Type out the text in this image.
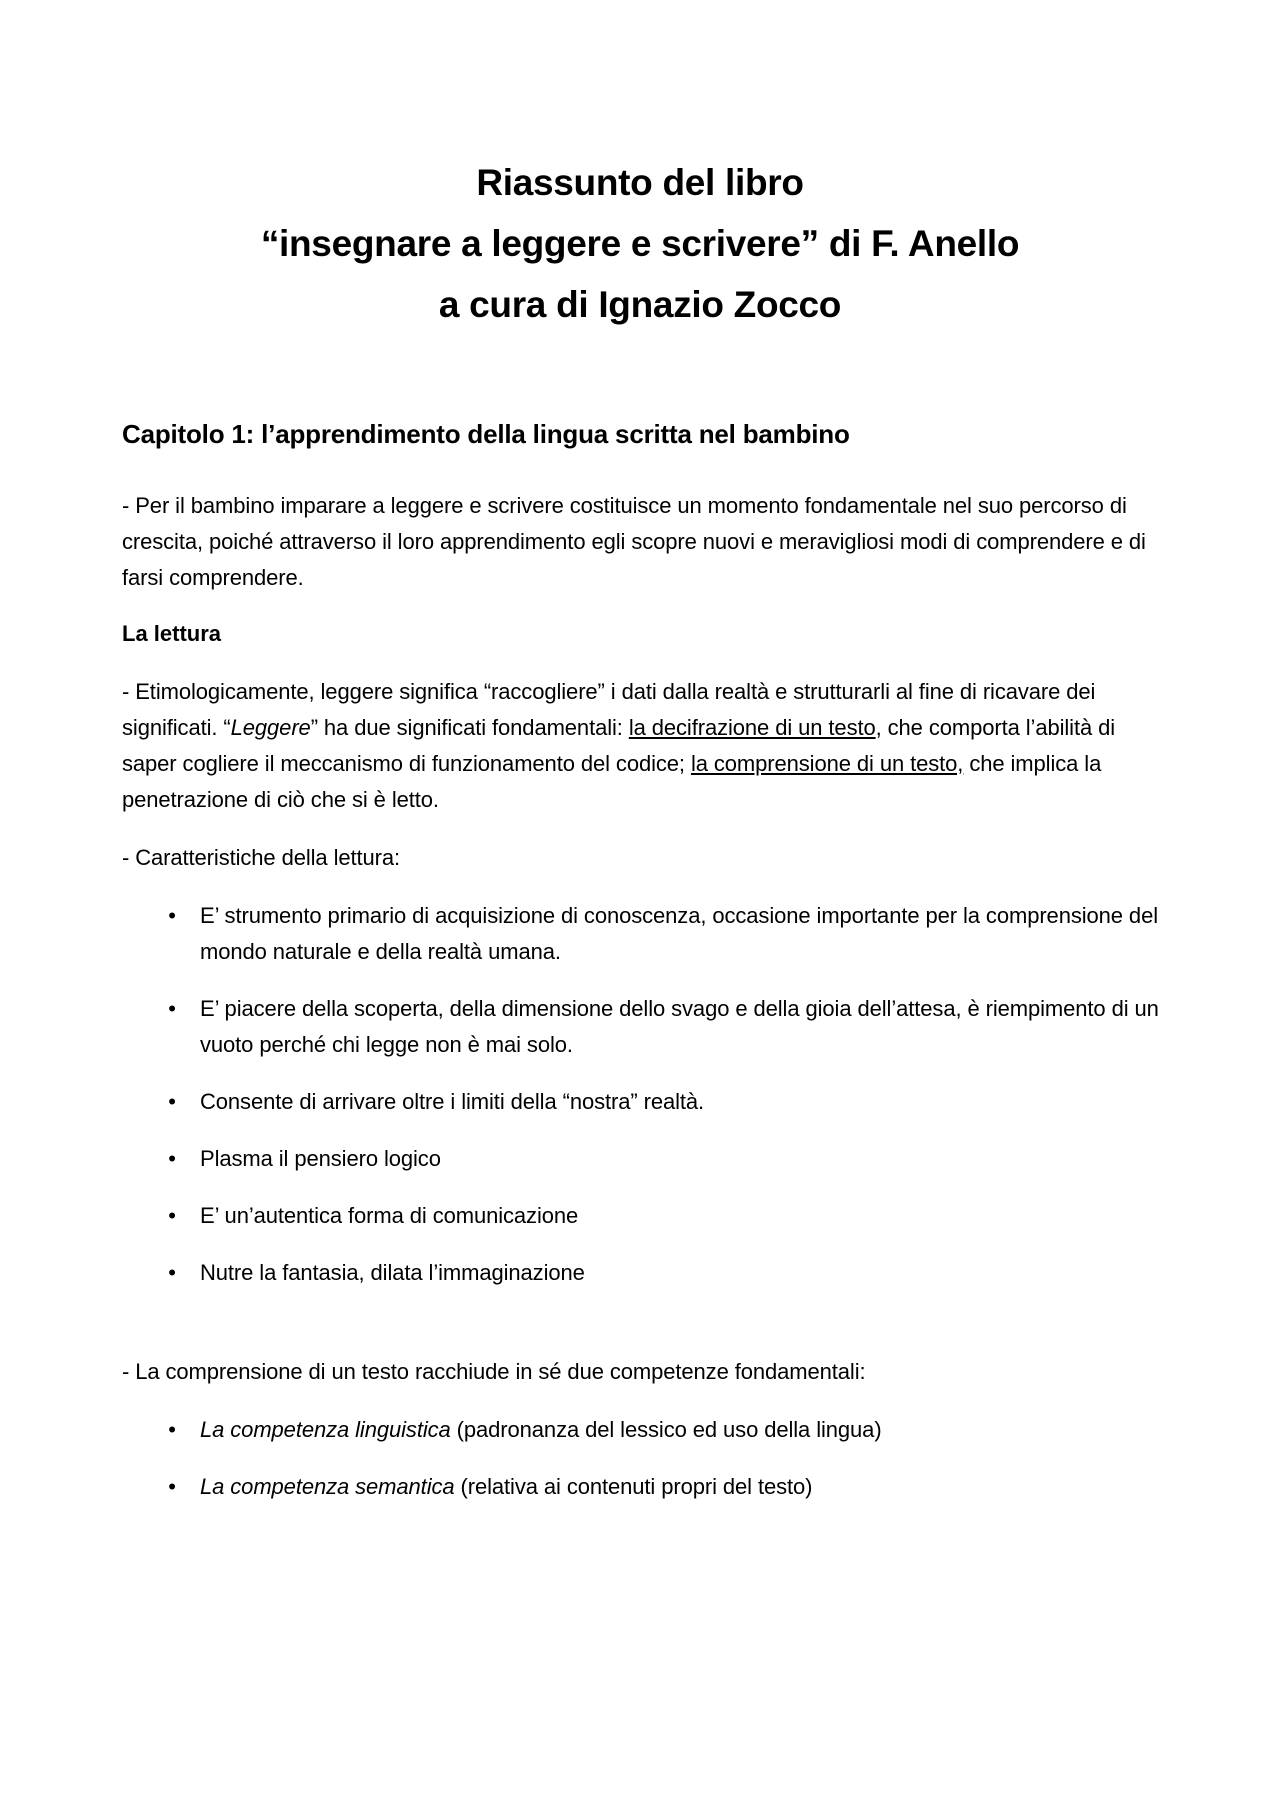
Riassunto del libro
“insegnare a leggere e scrivere” di F. Anello
a cura di Ignazio Zocco
Capitolo 1: l’apprendimento della lingua scritta nel bambino

- Per il bambino imparare a leggere e scrivere costituisce un momento fondamentale nel suo percorso di crescita, poiché attraverso il loro apprendimento egli scopre nuovi e meravigliosi modi di comprendere e di farsi comprendere.

La lettura

- Etimologicamente, leggere significa “raccogliere” i dati dalla realtà e strutturarli al fine di ricavare dei significati. “Leggere” ha due significati fondamentali: la decifrazione di un testo, che comporta l’abilità di saper cogliere il meccanismo di funzionamento del codice; la comprensione di un testo, che implica la penetrazione di ciò che si è letto.

- Caratteristiche della lettura:

• E’ strumento primario di acquisizione di conoscenza, occasione importante per la comprensione del mondo naturale e della realtà umana.
• E’ piacere della scoperta, della dimensione dello svago e della gioia dell’attesa, è riempimento di un vuoto perché chi legge non è mai solo.
• Consente di arrivare oltre i limiti della “nostra” realtà.
• Plasma il pensiero logico
• E’ un’autentica forma di comunicazione
• Nutre la fantasia, dilata l’immaginazione

- La comprensione di un testo racchiude in sé due competenze fondamentali:

• La competenza linguistica (padronanza del lessico ed uso della lingua)
• La competenza semantica (relativa ai contenuti propri del testo)
